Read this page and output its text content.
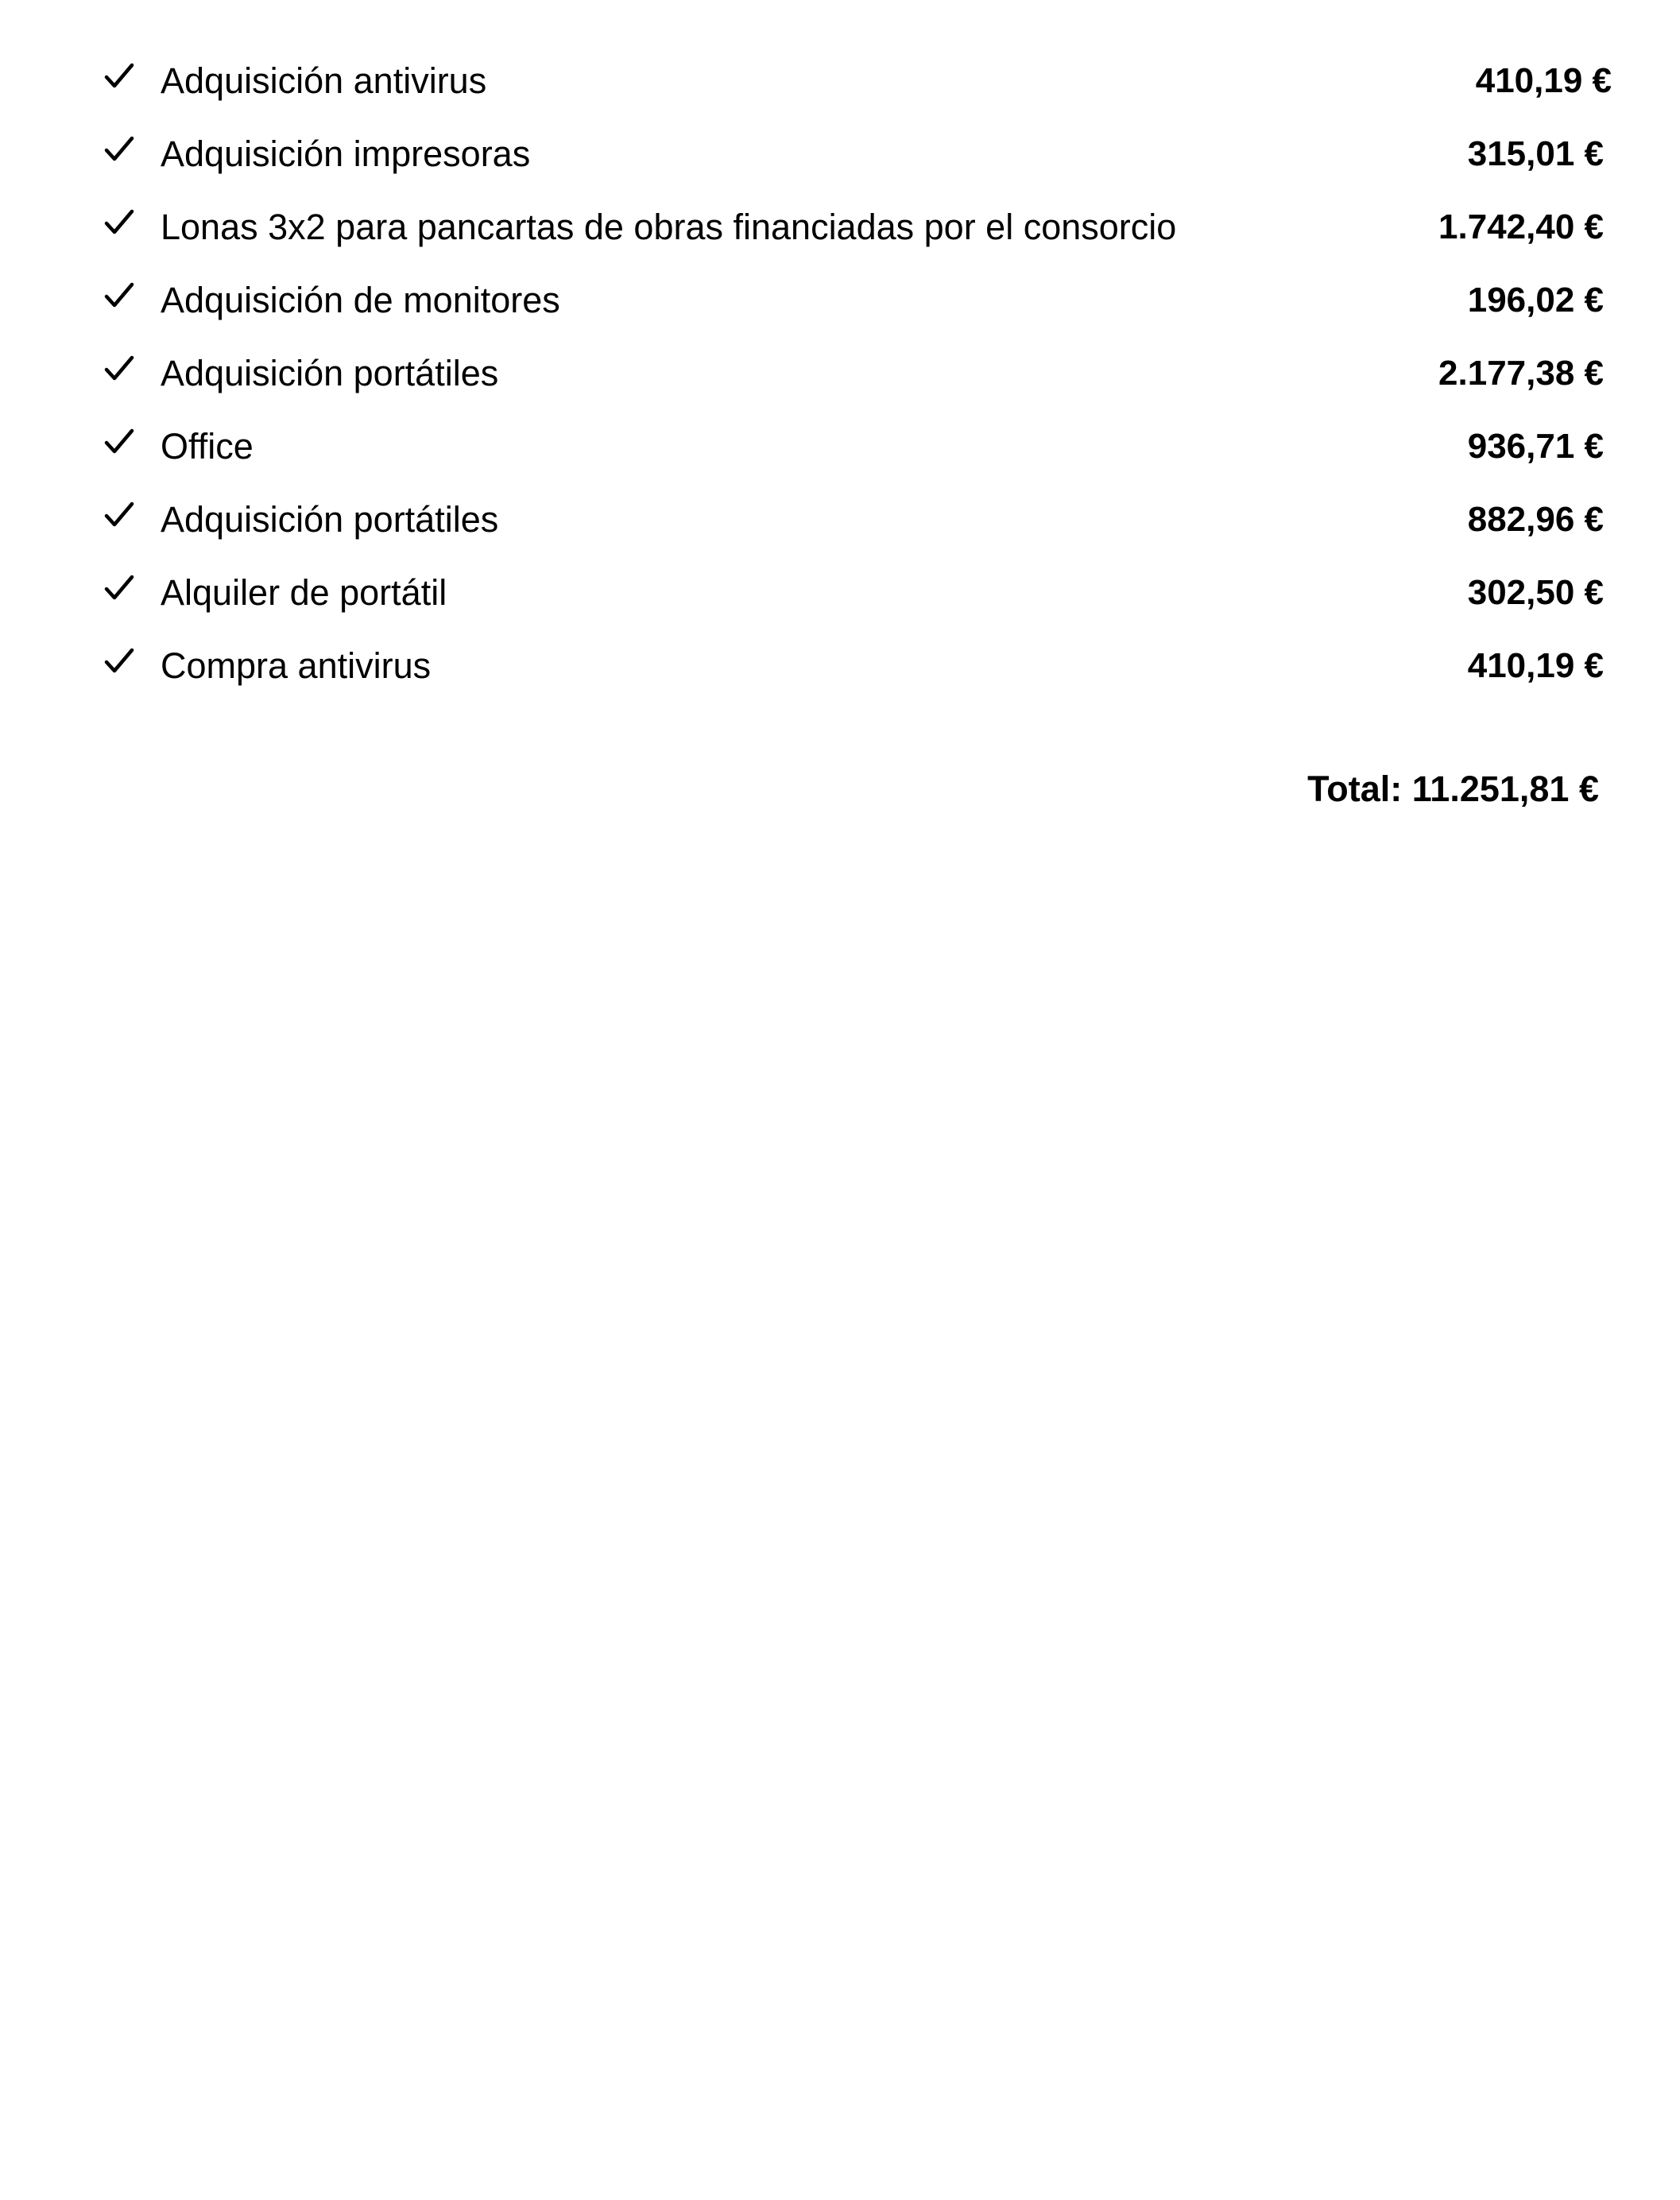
Adquisición antivirus	410,19 €
Adquisición impresoras	315,01 €
Lonas 3x2 para pancartas de obras financiadas por el consorcio	1.742,40 €
Adquisición de monitores	196,02 €
Adquisición portátiles	2.177,38 €
Office	936,71 €
Adquisición portátiles	882,96 €
Alquiler de portátil	302,50 €
Compra antivirus	410,19 €
Total: 11.251,81 €
